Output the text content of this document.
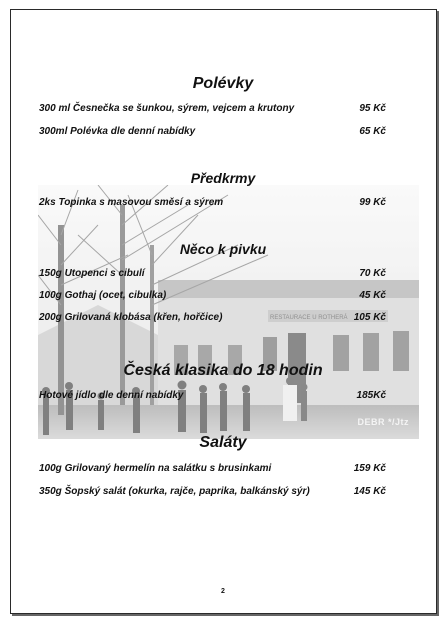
RESTAURACE U ROTHERÁ
DEBR */Jtz
Polévky
300 ml Česnečka se šunkou, sýrem, vejcem a krutony	95 Kč
300ml Polévka dle denní nabídky	65 Kč
Předkrmy
2ks Topinka s masovou směsí a sýrem	99 Kč
Něco k pivku
150g Utopenci s cibulí	70 Kč
100g Gothaj (ocet, cibulka)	45 Kč
200g Grilovaná klobása (křen, hořčice)	105 Kč
Česká klasika do 18 hodin
Hotové jídlo dle denní nabídky	185Kč
Saláty
100g Grilovaný hermelín na salátku s brusinkami	159 Kč
350g Šopský salát (okurka, rajče, paprika, balkánský sýr)	145 Kč
2
